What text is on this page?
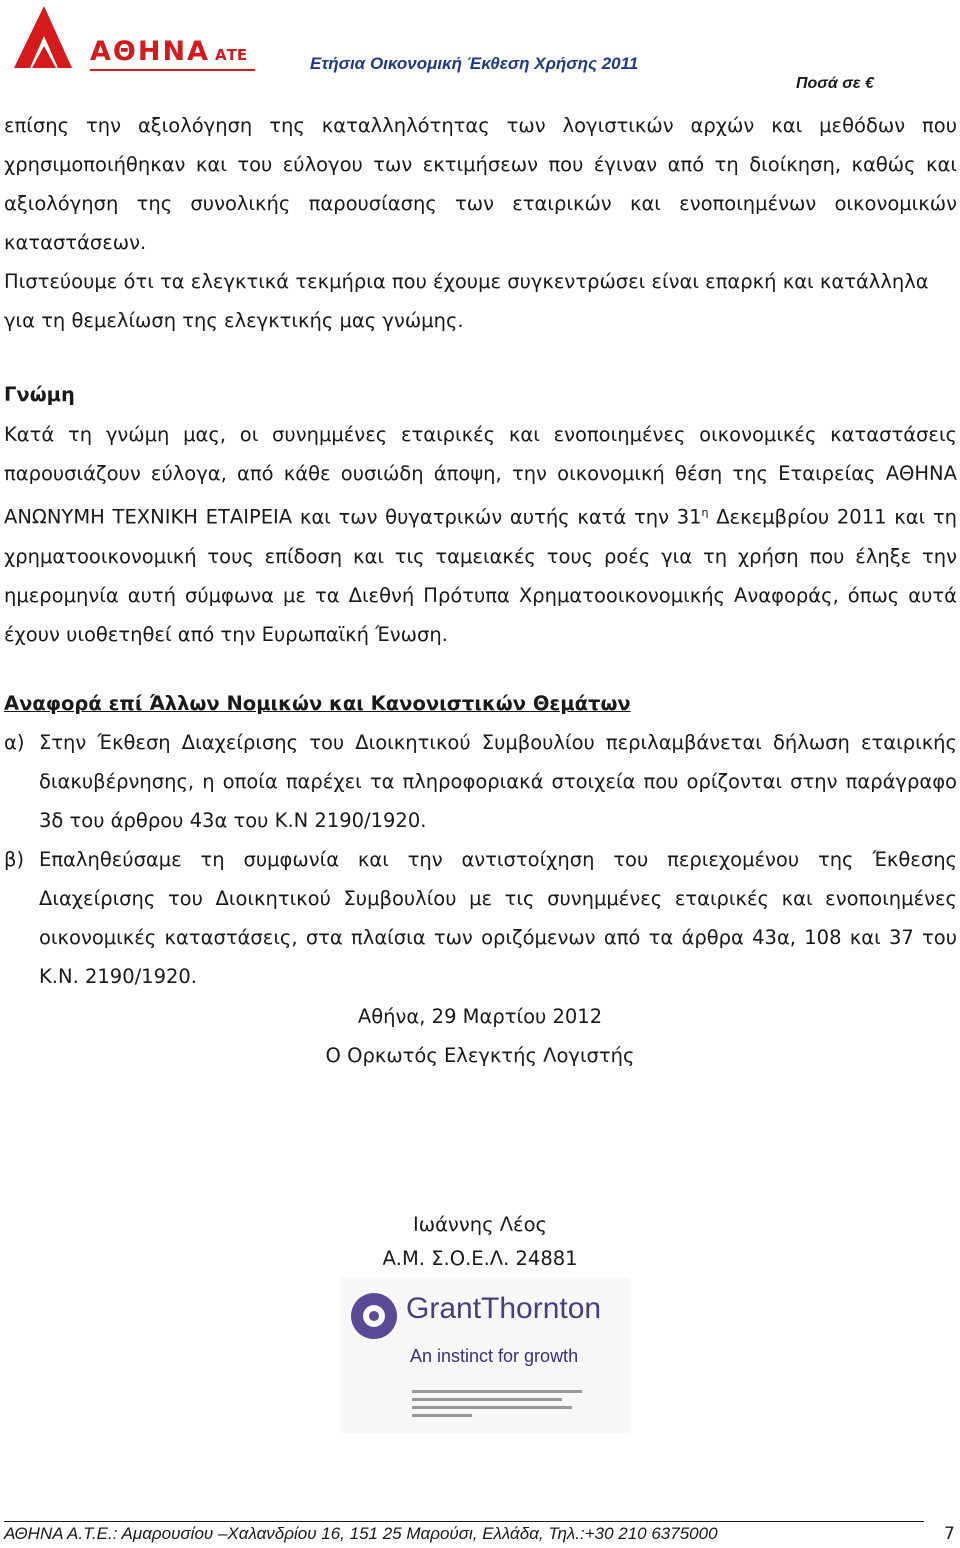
ΑΘΗΝΑ ΑΤΕ	Ετήσια Οικονομική Έκθεση Χρήσης 2011
Ποσά σε €
επίσης την αξιολόγηση της καταλληλότητας των λογιστικών αρχών και μεθόδων που χρησιμοποιήθηκαν και του εύλογου των εκτιμήσεων που έγιναν από τη διοίκηση, καθώς και αξιολόγηση της συνολικής παρουσίασης των εταιρικών και ενοποιημένων οικονομικών καταστάσεων.
Πιστεύουμε ότι τα ελεγκτικά τεκμήρια που έχουμε συγκεντρώσει είναι επαρκή και κατάλληλα για τη θεμελίωση της ελεγκτικής μας γνώμης.
Γνώμη
Κατά τη γνώμη μας, οι συνημμένες εταιρικές και ενοποιημένες οικονομικές καταστάσεις παρουσιάζουν εύλογα, από κάθε ουσιώδη άποψη, την οικονομική θέση της Εταιρείας ΑΘΗΝΑ ΑΝΩΝΥΜΗ ΤΕΧΝΙΚΗ ΕΤΑΙΡΕΙΑ και των θυγατρικών αυτής κατά την $31^\eta$ Δεκεμβρίου 2011 και τη χρηματοοικονομική τους επίδοση και τις ταμειακές τους ροές για τη χρήση που έληξε την ημερομηνία αυτή σύμφωνα με τα Διεθνή Πρότυπα Χρηματοοικονομικής Αναφοράς, όπως αυτά έχουν υιοθετηθεί από την Ευρωπαϊκή Ένωση.
Αναφορά επί Άλλων Νομικών και Κανονιστικών Θεμάτων
α) Στην Έκθεση Διαχείρισης του Διοικητικού Συμβουλίου περιλαμβάνεται δήλωση εταιρικής διακυβέρνησης, η οποία παρέχει τα πληροφοριακά στοιχεία που ορίζονται στην παράγραφο 3δ του άρθρου 43α του Κ.Ν 2190/1920.
β) Επαληθεύσαμε τη συμφωνία και την αντιστοίχηση του περιεχομένου της Έκθεσης Διαχείρισης του Διοικητικού Συμβουλίου με τις συνημμένες εταιρικές και ενοποιημένες οικονομικές καταστάσεις, στα πλαίσια των οριζόμενων από τα άρθρα 43α, 108 και 37 του Κ.Ν. 2190/1920.
Αθήνα, 29 Μαρτίου 2012
Ο Ορκωτός Ελεγκτής Λογιστής
Ιωάννης Λέος
Α.Μ. Σ.Ο.Ε.Λ. 24881
GrantThornton
An instinct for growth
ΑΘΗΝΑ Α.Τ.Ε.: Αμαρουσίου –Χαλανδρίου 16, 151 25 Μαρούσι, Ελλάδα, Τηλ.:+30 210 6375000	7
